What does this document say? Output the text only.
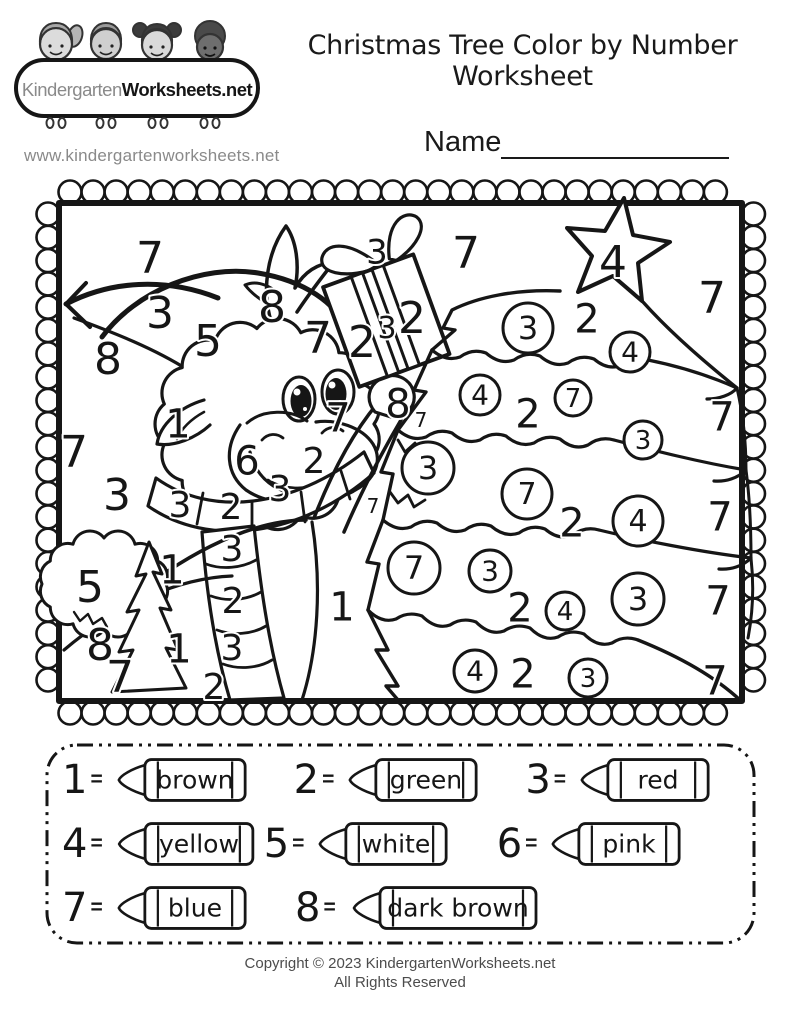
KindergartenWorksheets.net
www.kindergartenworksheets.net
Christmas Tree Color by Number Worksheet
Name
7
3
5
8
8
7
7
7
3
2 3 2
8
7	7
7
7
3
1
6
3 2 3
2
5 1
8
7
1
3
2
3
2
1
4
2
2
2
2
2
7
7
7
7
3
4
4	7
3
3
7
4
7 3
4 3
4	3
1 = brown 2 = green 3 =	red
4 = yellow 5 = white 6 = pink
7 = blue 8 = dark brown
Copyright © 2023 KindergartenWorksheets.net
All Rights Reserved
